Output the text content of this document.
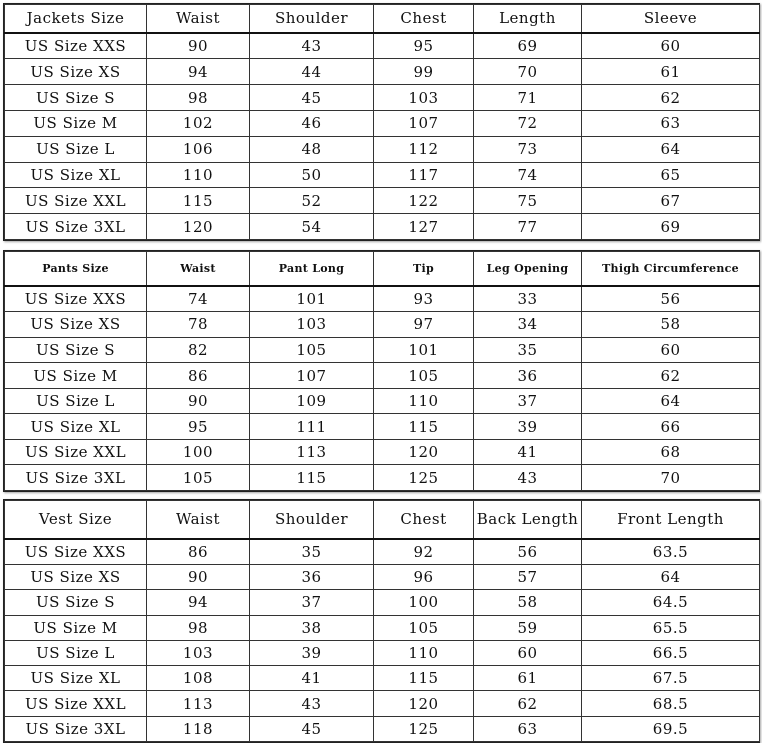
Jackets Size	Waist	Shoulder	Chest	Length	Sleeve
US Size XXS	90	43	95	69	60
US Size XS	94	44	99	70	61
US Size S	98	45	103	71	62
US Size M	102	46	107	72	63
US Size L	106	48	112	73	64
US Size XL	110	50	117	74	65
US Size XXL	115	52	122	75	67
US Size 3XL	120	54	127	77	69
Pants Size	Waist	Pant Long	Tip	Leg Opening	Thigh Circumference
US Size XXS	74	101	93	33	56
US Size XS	78	103	97	34	58
US Size S	82	105	101	35	60
US Size M	86	107	105	36	62
US Size L	90	109	110	37	64
US Size XL	95	111	115	39	66
US Size XXL	100	113	120	41	68
US Size 3XL	105	115	125	43	70
Vest Size	Waist	Shoulder	Chest	Back Length	Front Length
US Size XXS	86	35	92	56	63.5
US Size XS	90	36	96	57	64
US Size S	94	37	100	58	64.5
US Size M	98	38	105	59	65.5
US Size L	103	39	110	60	66.5
US Size XL	108	41	115	61	67.5
US Size XXL	113	43	120	62	68.5
US Size 3XL	118	45	125	63	69.5
